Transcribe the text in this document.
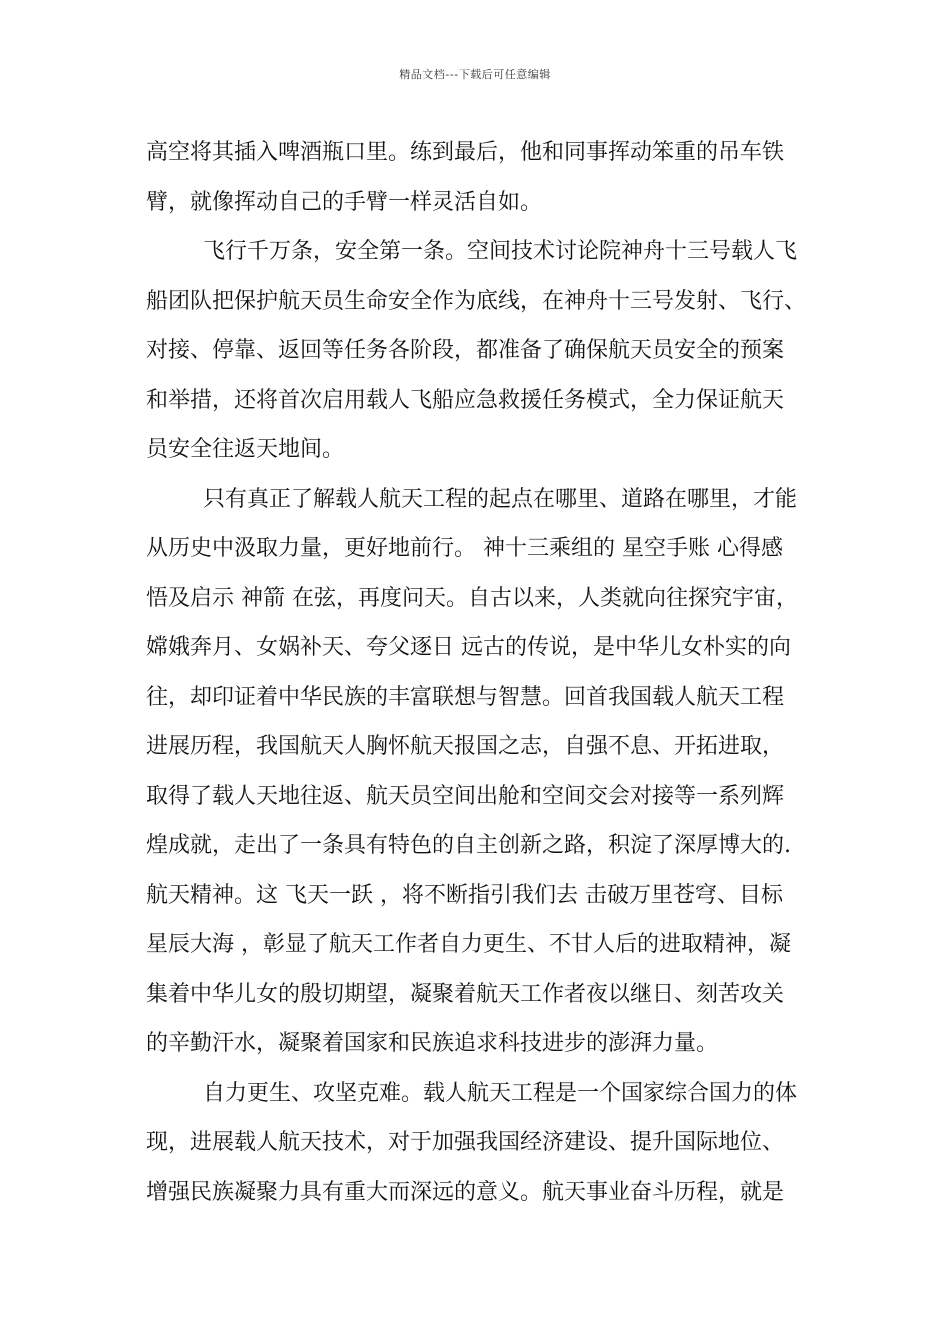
精品文档---下载后可任意编辑
高空将其插入啤酒瓶口里。练到最后，他和同事挥动笨重的吊车铁
臂，就像挥动自己的手臂一样灵活自如。
飞行千万条，安全第一条。空间技术讨论院神舟十三号载人飞
船团队把保护航天员生命安全作为底线，在神舟十三号发射、飞行、
对接、停靠、返回等任务各阶段，都准备了确保航天员安全的预案
和举措，还将首次启用载人飞船应急救援任务模式，全力保证航天
员安全往返天地间。
只有真正了解载人航天工程的起点在哪里、道路在哪里，才能
从历史中汲取力量，更好地前行。 神十三乘组的 星空手账 心得感
悟及启示 神箭 在弦，再度问天。自古以来，人类就向往探究宇宙，
嫦娥奔月、女娲补天、夸父逐日 远古的传说，是中华儿女朴实的向
往，却印证着中华民族的丰富联想与智慧。回首我国载人航天工程
进展历程，我国航天人胸怀航天报国之志，自强不息、开拓进取，
取得了载人天地往返、航天员空间出舱和空间交会对接等一系列辉
煌成就，走出了一条具有特色的自主创新之路，积淀了深厚博大的.
航天精神。这 飞天一跃 ，将不断指引我们去 击破万里苍穹、目标
星辰大海 ，彰显了航天工作者自力更生、不甘人后的进取精神，凝
集着中华儿女的殷切期望，凝聚着航天工作者夜以继日、刻苦攻关
的辛勤汗水，凝聚着国家和民族追求科技进步的澎湃力量。
自力更生、攻坚克难。载人航天工程是一个国家综合国力的体
现，进展载人航天技术，对于加强我国经济建设、提升国际地位、
增强民族凝聚力具有重大而深远的意义。航天事业奋斗历程，就是
